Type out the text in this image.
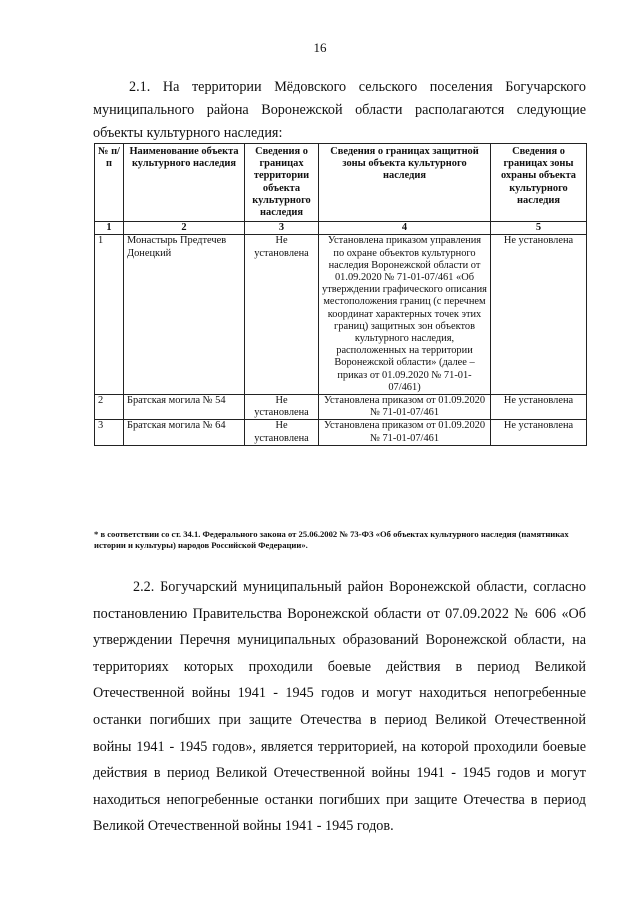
16
2.1. На территории Мёдовского сельского поселения Богучарского муниципального района Воронежской области располагаются следующие объекты культурного наследия:
№ п/п	Наименование объекта культурного наследия	Сведения о границах территории объекта культурного наследия	Сведения о границах защитной зоны объекта культурного наследия	Сведения о границах зоны охраны объекта культурного наследия
1	2	3	4	5
1	Монастырь Предтечев Донецкий	Не установлена	Установлена приказом управления по охране объектов культурного наследия Воронежской области от 01.09.2020 № 71-01-07/461 «Об утверждении графического описания местоположения границ (с перечнем координат характерных точек этих границ) защитных зон объектов культурного наследия, расположенных на территории Воронежской области» (далее – приказ от 01.09.2020 № 71-01-07/461)	Не установлена
2	Братская могила № 54	Не установлена	Установлена приказом от 01.09.2020 № 71-01-07/461	Не установлена
3	Братская могила № 64	Не установлена	Установлена приказом от 01.09.2020 № 71-01-07/461	Не установлена
* в соответствии со ст. 34.1. Федерального закона от 25.06.2002 № 73-ФЗ «Об объектах культурного наследия (памятниках истории и культуры) народов Российской Федерации».
2.2. Богучарский муниципальный район Воронежской области, согласно постановлению Правительства Воронежской области от 07.09.2022 № 606 «Об утверждении Перечня муниципальных образований Воронежской области, на территориях которых проходили боевые действия в период Великой Отечественной войны 1941 - 1945 годов и могут находиться непогребенные останки погибших при защите Отечества в период Великой Отечественной войны 1941 - 1945 годов», является территорией, на которой проходили боевые действия в период Великой Отечественной войны 1941 - 1945 годов и могут находиться непогребенные останки погибших при защите Отечества в период Великой Отечественной войны 1941 - 1945 годов.
